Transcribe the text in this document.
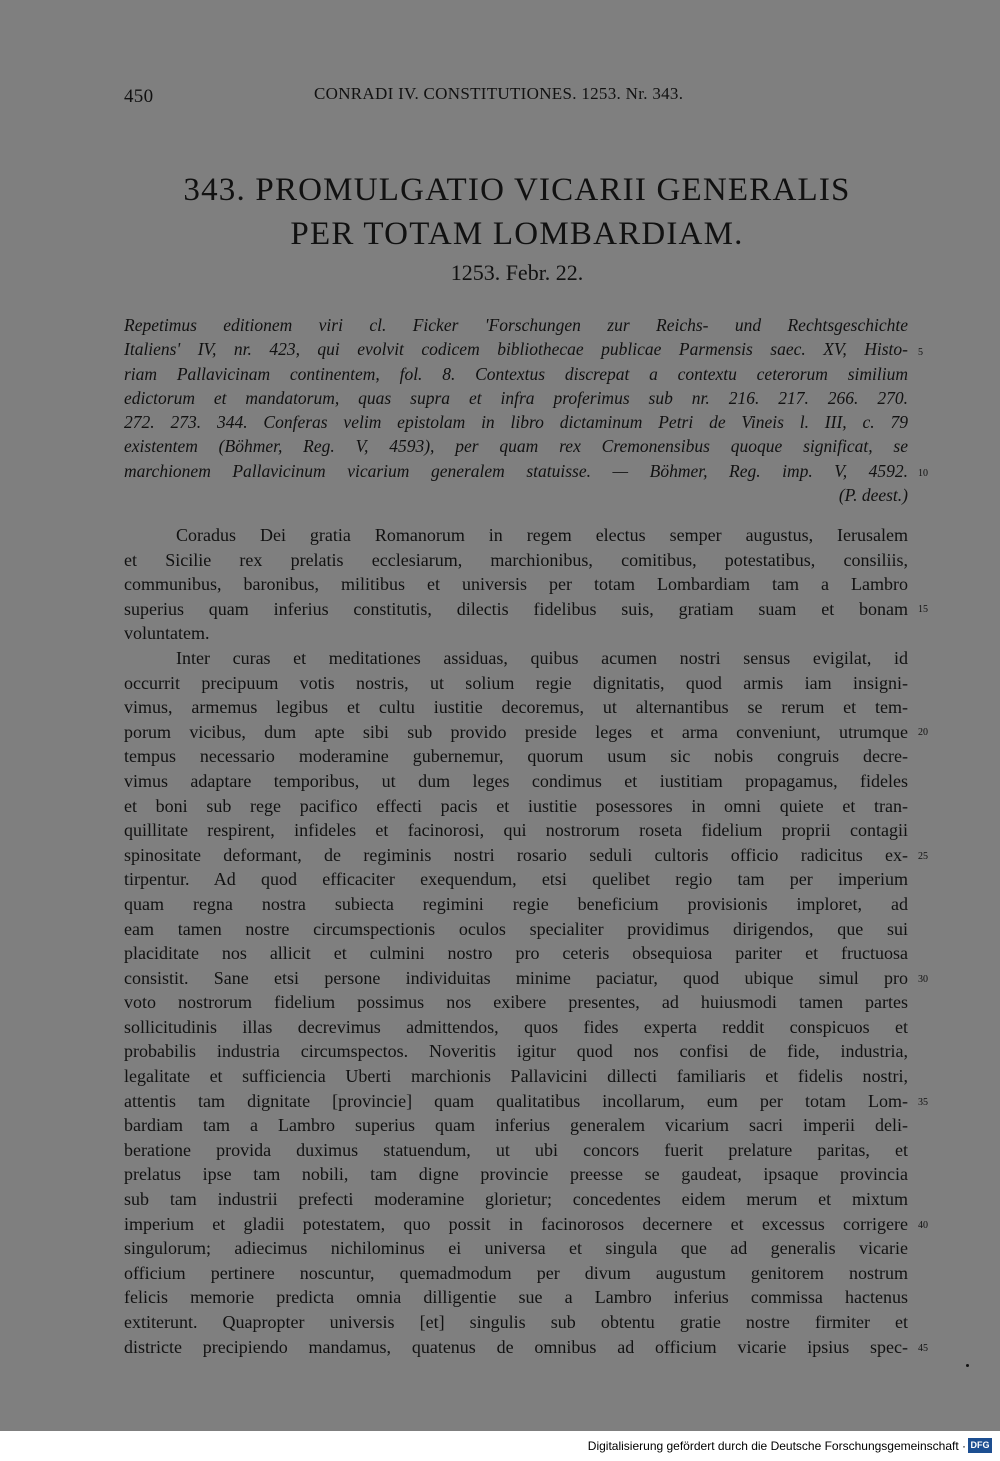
450	CONRADI IV. CONSTITUTIONES. 1253. Nr. 343.
343. PROMULGATIO VICARII GENERALIS
PER TOTAM LOMBARDIAM.
1253. Febr. 22.
Repetimus editionem viri cl. Ficker 'Forschungen zur Reichs- und Rechtsgeschichte
Italiens' IV, nr. 423, qui evolvit codicem bibliothecae publicae Parmensis saec. XV, Histo-
riam Pallavicinam continentem, fol. 8. Contextus discrepat a contextu ceterorum similium
edictorum et mandatorum, quas supra et infra proferimus sub nr. 216. 217. 266. 270.
272. 273. 344. Conferas velim epistolam in libro dictaminum Petri de Vineis l. III, c. 79
existentem (Böhmer, Reg. V, 4593), per quam rex Cremonensibus quoque significat, se
marchionem Pallavicinum vicarium generalem statuisse. — Böhmer, Reg. imp. V, 4592.
(P. deest.)
Coradus Dei gratia Romanorum in regem electus semper augustus, Ierusalem
et Sicilie rex prelatis ecclesiarum, marchionibus, comitibus, potestatibus, consiliis,
communibus, baronibus, militibus et universis per totam Lombardiam tam a Lambro
superius quam inferius constitutis, dilectis fidelibus suis, gratiam suam et bonam
voluntatem.
Inter curas et meditationes assiduas, quibus acumen nostri sensus evigilat, id
occurrit precipuum votis nostris, ut solium regie dignitatis, quod armis iam insigni-
vimus, armemus legibus et cultu iustitie decoremus, ut alternantibus se rerum et tem-
porum vicibus, dum apte sibi sub provido preside leges et arma conveniunt, utrumque
tempus necessario moderamine gubernemur, quorum usum sic nobis congruis decre-
vimus adaptare temporibus, ut dum leges condimus et iustitiam propagamus, fideles
et boni sub rege pacifico effecti pacis et iustitie posessores in omni quiete et tran-
quillitate respirent, infideles et facinorosi, qui nostrorum roseta fidelium proprii contagii
spinositate deformant, de regiminis nostri rosario seduli cultoris officio radicitus ex-
tirpentur. Ad quod efficaciter exequendum, etsi quelibet regio tam per imperium
quam regna nostra subiecta regimini regie beneficium provisionis imploret, ad
eam tamen nostre circumspectionis oculos specialiter providimus dirigendos, que sui
placiditate nos allicit et culmini nostro pro ceteris obsequiosa pariter et fructuosa
consistit. Sane etsi persone individuitas minime paciatur, quod ubique simul pro
voto nostrorum fidelium possimus nos exibere presentes, ad huiusmodi tamen partes
sollicitudinis illas decrevimus admittendos, quos fides experta reddit conspicuos et
probabilis industria circumspectos. Noveritis igitur quod nos confisi de fide, industria,
legalitate et sufficiencia Uberti marchionis Pallavicini dillecti familiaris et fidelis nostri,
attentis tam dignitate [provincie] quam qualitatibus incollarum, eum per totam Lom-
bardiam tam a Lambro superius quam inferius generalem vicarium sacri imperii deli-
beratione provida duximus statuendum, ut ubi concors fuerit prelature paritas, et
prelatus ipse tam nobili, tam digne provincie preesse se gaudeat, ipsaque provincia
sub tam industrii prefecti moderamine glorietur; concedentes eidem merum et mixtum
imperium et gladii potestatem, quo possit in facinorosos decernere et excessus corrigere
singulorum; adiecimus nichilominus ei universa et singula que ad generalis vicarie
officium pertinere noscuntur, quemadmodum per divum augustum genitorem nostrum
felicis memorie predicta omnia dilligentie sue a Lambro inferius commissa hactenus
extiterunt. Quapropter universis [et] singulis sub obtentu gratie nostre firmiter et
districte precipiendo mandamus, quatenus de omnibus ad officium vicarie ipsius spec-
5
10
15
20
25
30
35
40
45
Digitalisierung gefördert durch die Deutsche Forschungsgemeinschaft · DFG
